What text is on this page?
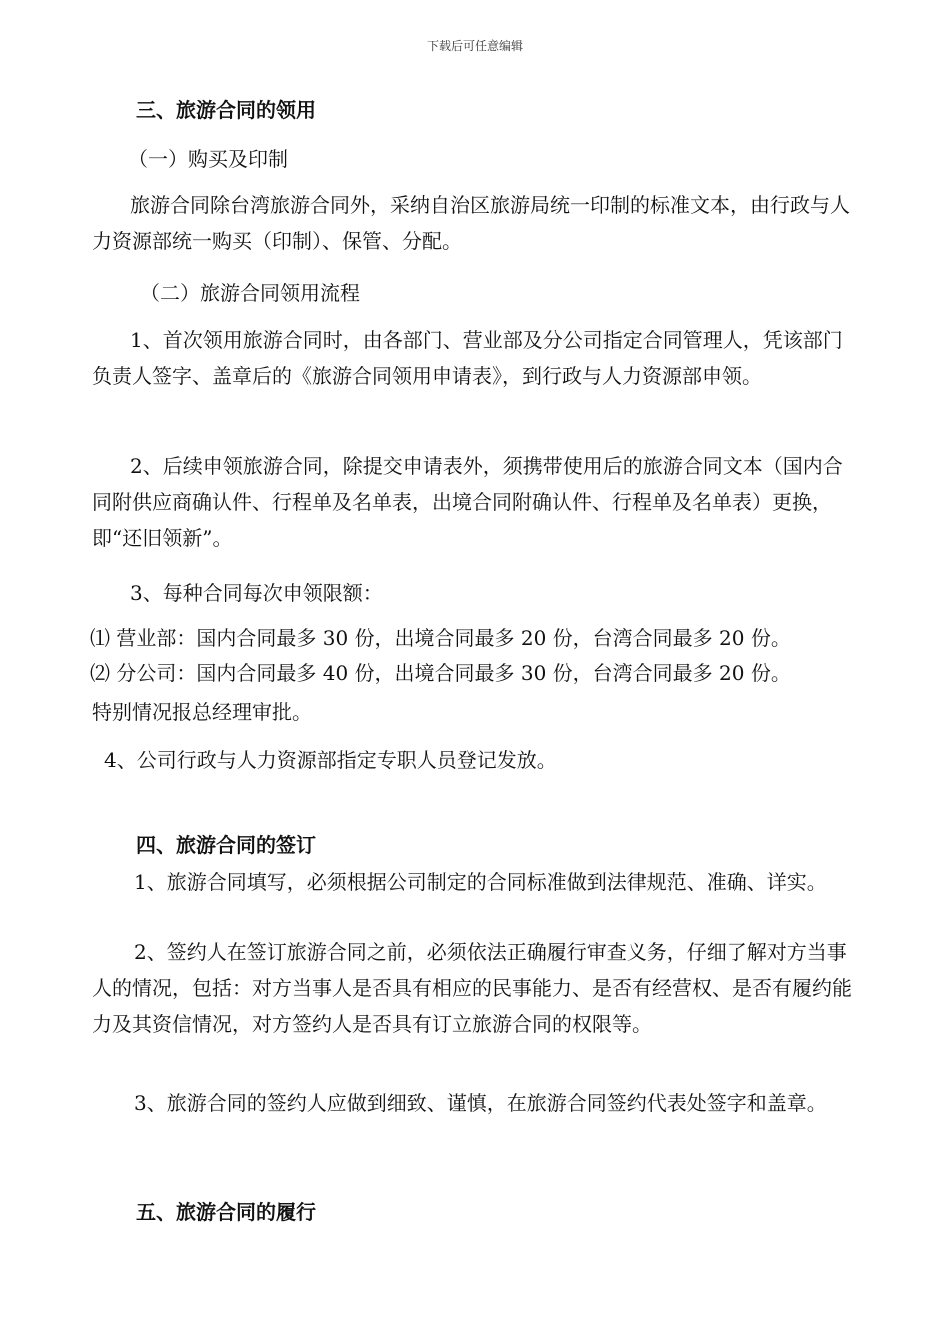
下载后可任意编辑
三、旅游合同的领用
（一）购买及印制
旅游合同除台湾旅游合同外，采纳自治区旅游局统一印制的标准文本，由行政与人力资源部统一购买（印制）、保管、分配。
（二）旅游合同领用流程
1、首次领用旅游合同时，由各部门、营业部及分公司指定合同管理人，凭该部门负责人签字、盖章后的《旅游合同领用申请表》，到行政与人力资源部申领。
2、后续申领旅游合同，除提交申请表外，须携带使用后的旅游合同文本（国内合同附供应商确认件、行程单及名单表，出境合同附确认件、行程单及名单表）更换，即“还旧领新”。
3、每种合同每次申领限额：
⑴ 营业部：国内合同最多 30 份，出境合同最多 20 份，台湾合同最多 20 份。
⑵ 分公司：国内合同最多 40 份，出境合同最多 30 份，台湾合同最多 20 份。
特别情况报总经理审批。
4、公司行政与人力资源部指定专职人员登记发放。
四、旅游合同的签订
1、旅游合同填写，必须根据公司制定的合同标准做到法律规范、准确、详实。
2、签约人在签订旅游合同之前，必须依法正确履行审查义务，仔细了解对方当事人的情况，包括：对方当事人是否具有相应的民事能力、是否有经营权、是否有履约能力及其资信情况，对方签约人是否具有订立旅游合同的权限等。
3、旅游合同的签约人应做到细致、谨慎，在旅游合同签约代表处签字和盖章。
五、旅游合同的履行
